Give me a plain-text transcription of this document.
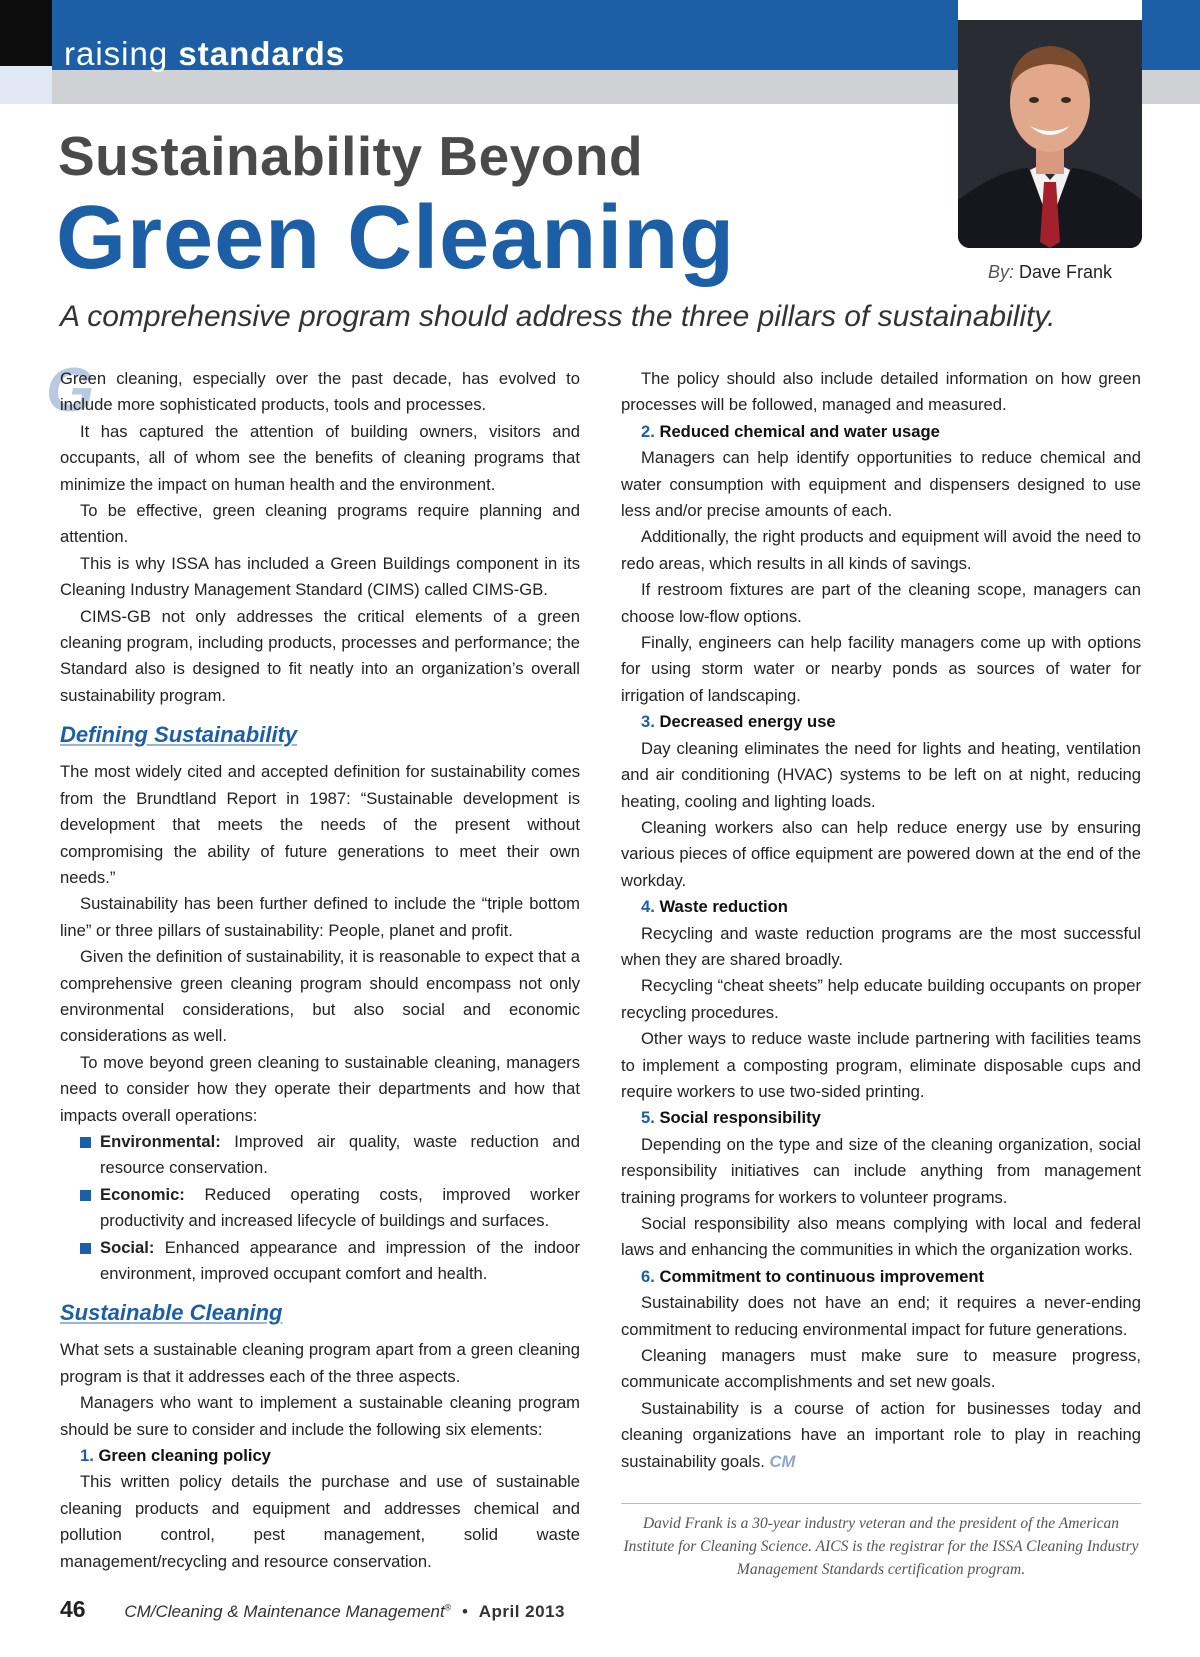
raising standards
By: Dave Frank
Sustainability Beyond
Green Cleaning
A comprehensive program should address the three pillars of sustainability.

G
Green cleaning, especially over the past decade, has evolved to include more sophisticated products, tools and processes.

It has captured the attention of building owners, visitors and occupants, all of whom see the benefits of cleaning programs that minimize the impact on human health and the environment.

To be effective, green cleaning programs require planning and attention.

This is why ISSA has included a Green Buildings component in its Cleaning Industry Management Standard (CIMS) called CIMS-GB.

CIMS-GB not only addresses the critical elements of a green cleaning program, including products, processes and performance; the Standard also is designed to fit neatly into an organization’s overall sustainability program.

Defining Sustainability

The most widely cited and accepted definition for sustainability comes from the Brundtland Report in 1987: “Sustainable development is development that meets the needs of the present without compromising the ability of future generations to meet their own needs.”

Sustainability has been further defined to include the “triple bottom line” or three pillars of sustainability: People, planet and profit.

Given the definition of sustainability, it is reasonable to expect that a comprehensive green cleaning program should encompass not only environmental considerations, but also social and economic considerations as well.

To move beyond green cleaning to sustainable cleaning, managers need to consider how they operate their departments and how that impacts overall operations:

Environmental: Improved air quality, waste reduction and resource conservation.
Economic: Reduced operating costs, improved worker productivity and increased lifecycle of buildings and surfaces.
Social: Enhanced appearance and impression of the indoor environment, improved occupant comfort and health.
Sustainable Cleaning

What sets a sustainable cleaning program apart from a green cleaning program is that it addresses each of the three aspects.

Managers who want to implement a sustainable cleaning program should be sure to consider and include the following six elements:

1. Green cleaning policy

This written policy details the purchase and use of sustainable cleaning products and equipment and addresses chemical and pollution control, pest management, solid waste management/recycling and resource conservation.

The policy should also include detailed information on how green processes will be followed, managed and measured.

2. Reduced chemical and water usage

Managers can help identify opportunities to reduce chemical and water consumption with equipment and dispensers designed to use less and/or precise amounts of each.

Additionally, the right products and equipment will avoid the need to redo areas, which results in all kinds of savings.

If restroom fixtures are part of the cleaning scope, managers can choose low-flow options.

Finally, engineers can help facility managers come up with options for using storm water or nearby ponds as sources of water for irrigation of landscaping.

3. Decreased energy use

Day cleaning eliminates the need for lights and heating, ventilation and air conditioning (HVAC) systems to be left on at night, reducing heating, cooling and lighting loads.

Cleaning workers also can help reduce energy use by ensuring various pieces of office equipment are powered down at the end of the workday.

4. Waste reduction

Recycling and waste reduction programs are the most successful when they are shared broadly.

Recycling “cheat sheets” help educate building occupants on proper recycling procedures.

Other ways to reduce waste include partnering with facilities teams to implement a composting program, eliminate disposable cups and require workers to use two-sided printing.

5. Social responsibility

Depending on the type and size of the cleaning organization, social responsibility initiatives can include anything from management training programs for workers to volunteer programs.

Social responsibility also means complying with local and federal laws and enhancing the communities in which the organization works.

6. Commitment to continuous improvement

Sustainability does not have an end; it requires a never-ending commitment to reducing environmental impact for future generations.

Cleaning managers must make sure to measure progress, communicate accomplishments and set new goals.

Sustainability is a course of action for businesses today and cleaning organizations have an important role to play in reaching sustainability goals. CM

David Frank is a 30-year industry veteran and the president of the American Institute for Cleaning Science. AICS is the registrar for the ISSA Cleaning Industry Management Standards certification program.
46 CM/Cleaning & Maintenance Management® • April 2013
